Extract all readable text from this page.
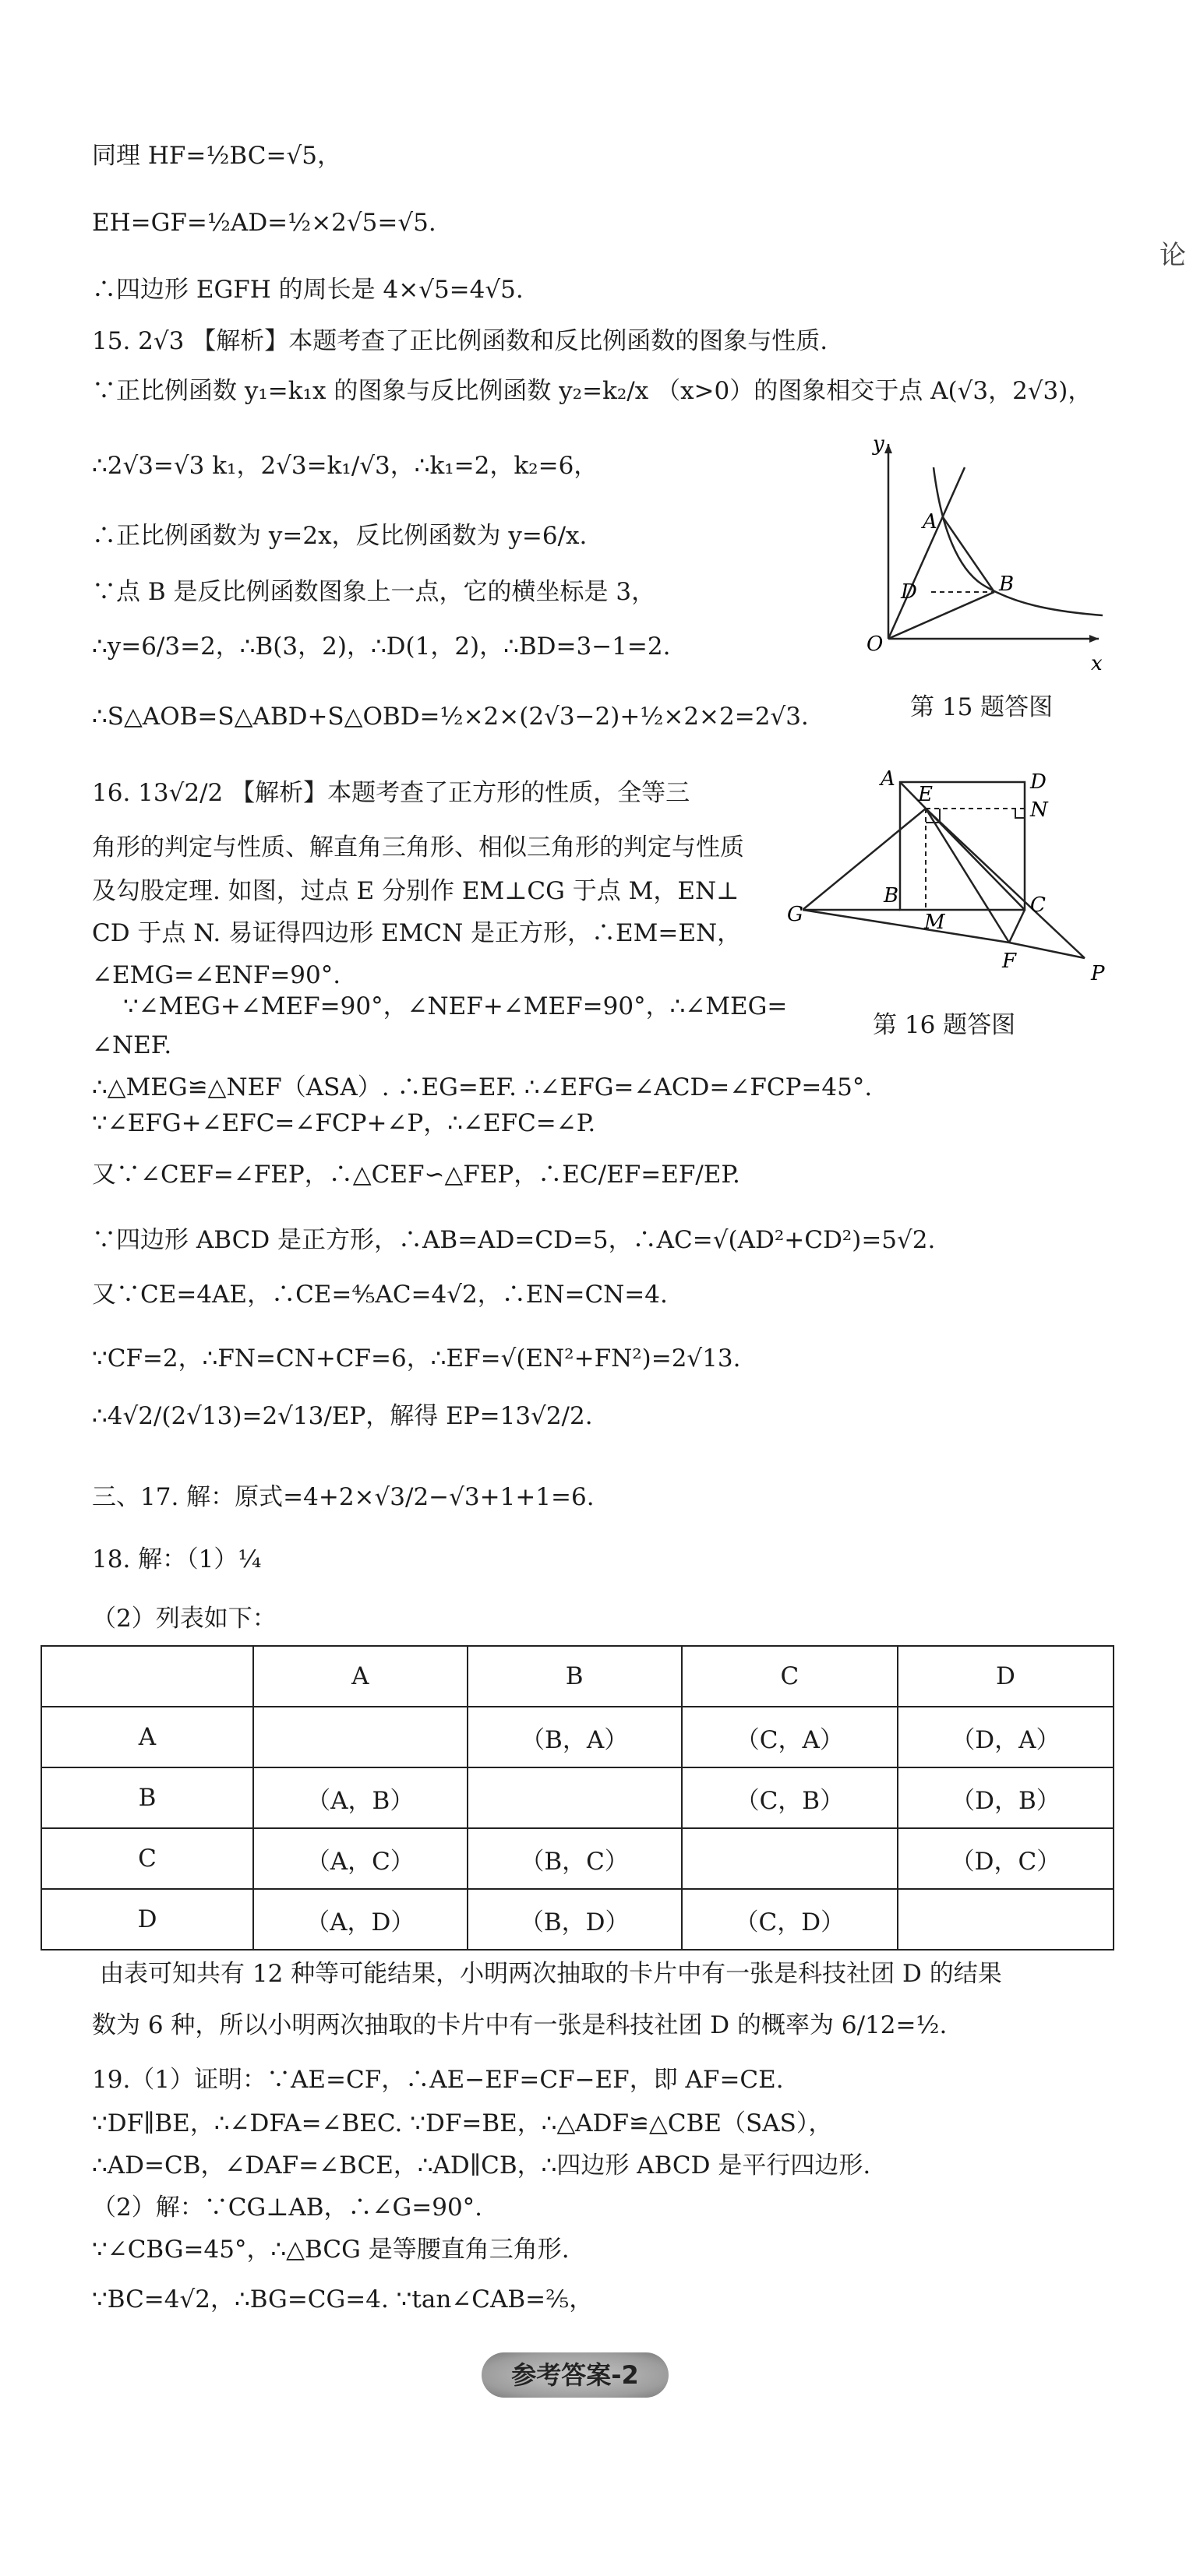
论
同理 HF=½BC=√5，
EH=GF=½AD=½×2√5=√5.
∴四边形 EGFH 的周长是 4×√5=4√5.
15. 2√3 【解析】本题考查了正比例函数和反比例函数的图象与性质.
∵正比例函数 y₁=k₁x 的图象与反比例函数 y₂=k₂/x （x>0）的图象相交于点 A(√3，2√3)，
∴2√3=√3 k₁，2√3=k₁/√3，∴k₁=2，k₂=6，
∴正比例函数为 y=2x，反比例函数为 y=6/x.
∵点 B 是反比例函数图象上一点，它的横坐标是 3，
∴y=6/3=2，∴B(3，2)，∴D(1，2)，∴BD=3−1=2.
∴S△AOB=S△ABD+S△OBD=½×2×(2√3−2)+½×2×2=2√3.
16. 13√2/2 【解析】本题考查了正方形的性质，全等三
角形的判定与性质、解直角三角形、相似三角形的判定与性质
及勾股定理. 如图，过点 E 分别作 EM⊥CG 于点 M，EN⊥
CD 于点 N. 易证得四边形 EMCN 是正方形，∴EM=EN，
∠EMG=∠ENF=90°.
∵∠MEG+∠MEF=90°，∠NEF+∠MEF=90°，∴∠MEG=
∠NEF.
∴△MEG≌△NEF（ASA）. ∴EG=EF. ∴∠EFG=∠ACD=∠FCP=45°.
∵∠EFG+∠EFC=∠FCP+∠P，∴∠EFC=∠P.
又∵∠CEF=∠FEP，∴△CEF∽△FEP，∴EC/EF=EF/EP.
∵四边形 ABCD 是正方形，∴AB=AD=CD=5，∴AC=√(AD²+CD²)=5√2.
又∵CE=4AE，∴CE=⅘AC=4√2，∴EN=CN=4.
∵CF=2，∴FN=CN+CF=6，∴EF=√(EN²+FN²)=2√13.
∴4√2/(2√13)=2√13/EP，解得 EP=13√2/2.
三、17. 解：原式=4+2×√3/2−√3+1+1=6.
18. 解：（1）¼
（2）列表如下：
y
x
O
A
B
D
第 15 题答图
A	D
E
N
G
B
M
C
F
P
第 16 题答图
	A	B	C	D
A		（B，A）	（C，A）	（D，A）
B	（A，B）		（C，B）	（D，B）
C	（A，C）	（B，C）		（D，C）
D	（A，D）	（B，D）	（C，D）	
由表可知共有 12 种等可能结果，小明两次抽取的卡片中有一张是科技社团 D 的结果
数为 6 种，所以小明两次抽取的卡片中有一张是科技社团 D 的概率为 6/12=½.
19.（1）证明：∵AE=CF，∴AE−EF=CF−EF，即 AF=CE.
∵DF∥BE，∴∠DFA=∠BEC. ∵DF=BE，∴△ADF≌△CBE（SAS），
∴AD=CB，∠DAF=∠BCE，∴AD∥CB，∴四边形 ABCD 是平行四边形.
（2）解：∵CG⊥AB，∴∠G=90°.
∵∠CBG=45°，∴△BCG 是等腰直角三角形.
∵BC=4√2，∴BG=CG=4. ∵tan∠CAB=⅖，
参考答案-2
